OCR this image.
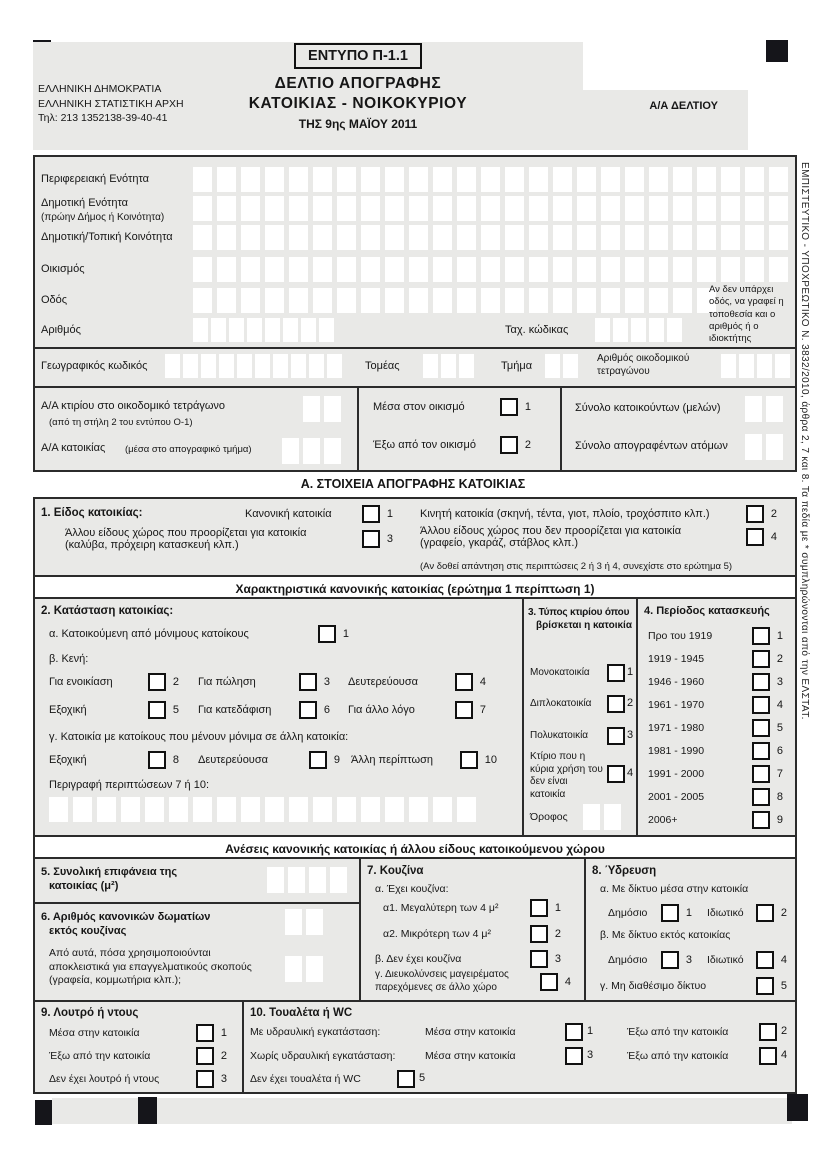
ΕΛΛΗΝΙΚΗ ΔΗΜΟΚΡΑΤΙΑ
ΕΛΛΗΝΙΚΗ ΣΤΑΤΙΣΤΙΚΗ ΑΡΧΗ
Τηλ: 213 1352138-39-40-41
ΕΝΤΥΠΟ Π-1.1
ΔΕΛΤΙΟ ΑΠΟΓΡΑΦΗΣ
ΚΑΤΟΙΚΙΑΣ - ΝΟΙΚΟΚΥΡΙΟΥ
ΤΗΣ 9ης ΜΑΪΟΥ 2011
Α/Α ΔΕΛΤΙΟΥ
Περιφερειακή Ενότητα
Δημοτική Ενότητα
(πρώην Δήμος ή Κοινότητα)
Δημοτική/Τοπική Κοινότητα
Οικισμός
Οδός
Αν δεν υπάρχει οδός, να γραφεί η τοποθεσία και ο αριθμός ή ο ιδιοκτήτης
Αριθμός	Ταχ. κώδικας
Γεωγραφικός κωδικός	Τομέας	Τμήμα
Αριθμός οικοδομικού τετραγώνου
Α/Α κτιρίου στο οικοδομικό τετράγωνο
(από τη στήλη 2 του εντύπου Ο-1)
Α/Α κατοικίας (μέσα στο απογραφικό τμήμα)
Μέσα στον οικισμό	1
Έξω από τον οικισμό	2
Σύνολο κατοικούντων (μελών)
Σύνολο απογραφέντων ατόμων
Α. ΣΤΟΙΧΕΙΑ ΑΠΟΓΡΑΦΗΣ ΚΑΤΟΙΚΙΑΣ
1. Είδος κατοικίας:	Κανονική κατοικία	1 Κινητή κατοικία (σκηνή, τέντα, γιοτ, πλοίο, τροχόσπιτο κλπ.)	2
Άλλου είδους χώρος που προορίζεται για κατοικία (καλύβα, πρόχειρη κατασκευή κλπ.)	3
Άλλου είδους χώρος που δεν προορίζεται για κατοικία (γραφείο, γκαράζ, στάβλος κλπ.)	4
(Αν δοθεί απάντηση στις περιπτώσεις 2 ή 3 ή 4, συνεχίστε στο ερώτημα 5)
Χαρακτηριστικά κανονικής κατοικίας (ερώτημα 1 περίπτωση 1)
2. Κατάσταση κατοικίας:
α. Κατοικούμενη από μόνιμους κατοίκους	1
β. Κενή:
Για ενοικίαση	2 Για πώληση	3 Δευτερεύουσα	4
Εξοχική	5 Για κατεδάφιση	6 Για άλλο λόγο	7
γ. Κατοικία με κατοίκους που μένουν μόνιμα σε άλλη κατοικία:
Εξοχική	8 Δευτερεύουσα	9 Άλλη περίπτωση	10
Περιγραφή περιπτώσεων 7 ή 10:
3. Τύπος κτιρίου όπου
βρίσκεται η κατοικία
Μονοκατοικία	1
Διπλοκατοικία	2
Πολυκατοικία	3
Κτίριο που η κύρια χρήση του δεν είναι κατοικία
4
Όροφος
4. Περίοδος κατασκευής
Προ του 1919	1
1919 - 1945	2
1946 - 1960	3
1961 - 1970	4
1971 - 1980	5
1981 - 1990	6
1991 - 2000	7
2001 - 2005	8
2006+	9
Ανέσεις κανονικής κατοικίας ή άλλου είδους κατοικούμενου χώρου
5. Συνολική επιφάνεια της
κατοικίας (μ²)
6. Αριθμός κανονικών δωματίων
εκτός κουζίνας
Από αυτά, πόσα χρησιμοποιούνται αποκλειστικά για επαγγελματικούς σκοπούς (γραφεία, κομμωτήρια κλπ.);
7. Κουζίνα
α. Έχει κουζίνα:
α1. Μεγαλύτερη των 4 μ²	1
α2. Μικρότερη των 4 μ²	2
β. Δεν έχει κουζίνα	3
γ. Διευκολύνσεις μαγειρέματος παρεχόμενες σε άλλο χώρο	4
8. Ύδρευση
α. Με δίκτυο μέσα στην κατοικία
Δημόσιο	1 Ιδιωτικό	2
β. Με δίκτυο εκτός κατοικίας
Δημόσιο	3 Ιδιωτικό	4
γ. Μη διαθέσιμο δίκτυο	5
9. Λουτρό ή ντους
Μέσα στην κατοικία	1
Έξω από την κατοικία	2
Δεν έχει λουτρό ή ντους	3
10. Τουαλέτα ή WC
Με υδραυλική εγκατάσταση:	Μέσα στην κατοικία	1	Έξω από την κατοικία	2
Χωρίς υδραυλική εγκατάσταση:	Μέσα στην κατοικία	3	Έξω από την κατοικία	4
Δεν έχει τουαλέτα ή WC	5
ΕΜΠΙΣΤΕΥΤΙΚΟ - ΥΠΟΧΡΕΩΤΙΚΟ Ν. 3832/2010, άρθρα 2, 7 και 8. Τα πεδία με * συμπληρώνονται από την ΕΛΣΤΑΤ.
